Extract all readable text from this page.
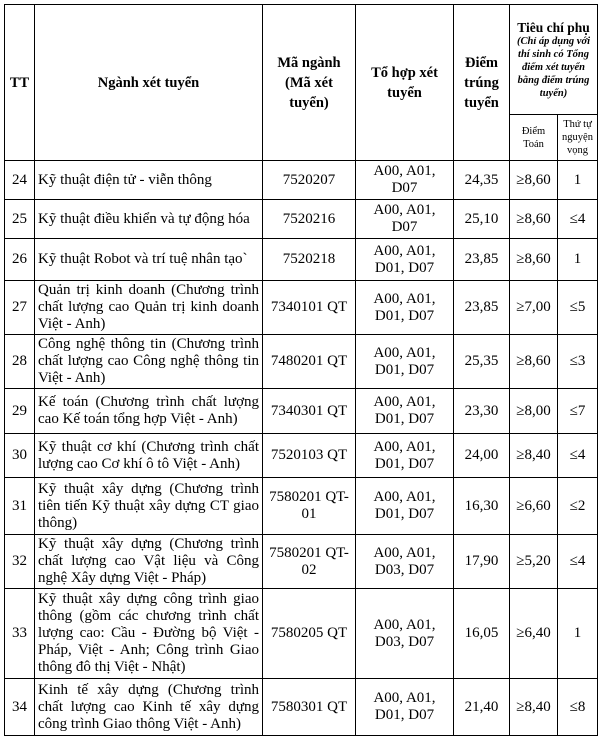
TT	Ngành xét tuyển	Mã ngành (Mã xét tuyển)	Tổ hợp xét tuyển	Điểm trúng tuyển	Tiêu chí phụ
(Chỉ áp dụng với thí sinh có Tổng điểm xét tuyển bằng điểm trúng tuyển)	

					Điểm Toán	Thứ tự nguyện vọng
24	Kỹ thuật điện tử - viễn thông	7520207	A00, A01, D07	24,35	≥8,60	1
25	Kỹ thuật điều khiển và tự động hóa	7520216	A00, A01, D07	25,10	≥8,60	≤4
26	Kỹ thuật Robot và trí tuệ nhân tạo`	7520218	A00, A01, D01, D07	23,85	≥8,60	1
27	Quản trị kinh doanh (Chương trình chất lượng cao Quản trị kinh doanh Việt - Anh)	7340101 QT	A00, A01, D01, D07	23,85	≥7,00	≤5
28	Công nghệ thông tin (Chương trình chất lượng cao Công nghệ thông tin Việt - Anh)	7480201 QT	A00, A01, D01, D07	25,35	≥8,60	≤3
29	Kế toán (Chương trình chất lượng cao Kế toán tổng hợp Việt - Anh)	7340301 QT	A00, A01, D01, D07	23,30	≥8,00	≤7
30	Kỹ thuật cơ khí (Chương trình chất lượng cao Cơ khí ô tô Việt - Anh)	7520103 QT	A00, A01, D01, D07	24,00	≥8,40	≤4
31	Kỹ thuật xây dựng (Chương trình tiên tiến Kỹ thuật xây dựng CT giao thông)	7580201 QT-01	A00, A01, D01, D07	16,30	≥6,60	≤2
32	Kỹ thuật xây dựng (Chương trình chất lượng cao Vật liệu và Công nghệ Xây dựng Việt - Pháp)	7580201 QT-02	A00, A01, D03, D07	17,90	≥5,20	≤4
33	Kỹ thuật xây dựng công trình giao thông (gồm các chương trình chất lượng cao: Cầu - Đường bộ Việt - Pháp, Việt - Anh; Công trình Giao thông đô thị Việt - Nhật)	7580205 QT	A00, A01, D03, D07	16,05	≥6,40	1
34	Kinh tế xây dựng (Chương trình chất lượng cao Kinh tế xây dựng công trình Giao thông Việt - Anh)	7580301 QT	A00, A01, D01, D07	21,40	≥8,40	≤8
